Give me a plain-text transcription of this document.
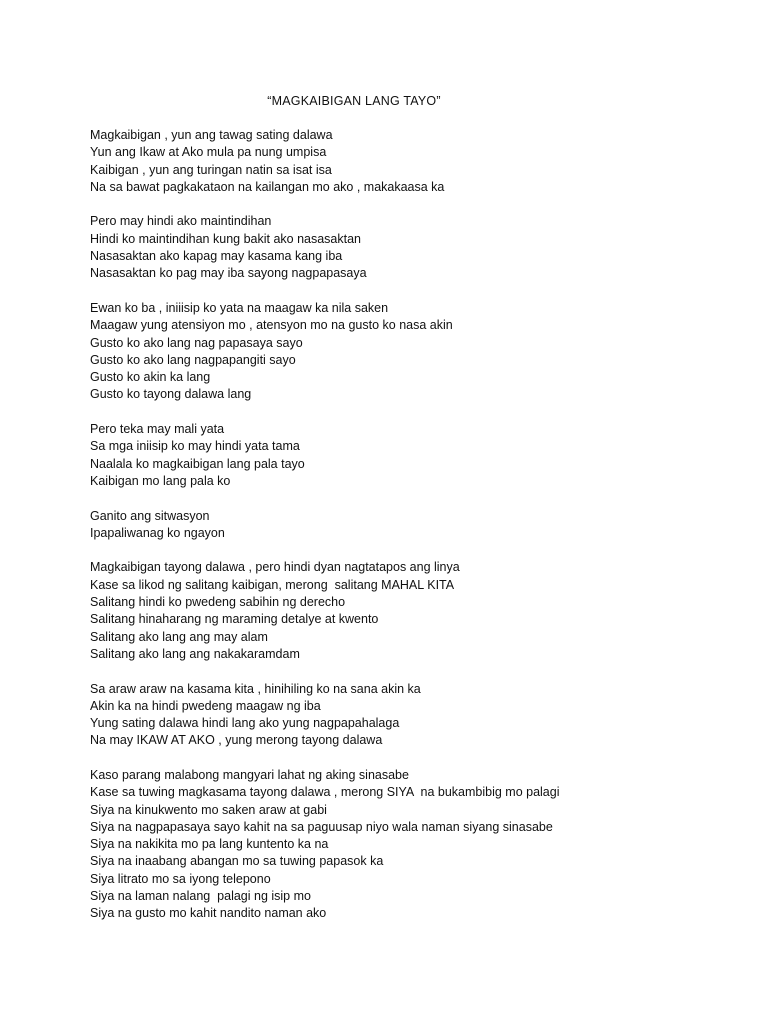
“MAGKAIBIGAN LANG TAYO”
Magkaibigan , yun ang tawag sating dalawa
Yun ang Ikaw at Ako mula pa nung umpisa
Kaibigan , yun ang turingan natin sa isat isa
Na sa bawat pagkakataon na kailangan mo ako , makakaasa ka
Pero may hindi ako maintindihan
Hindi ko maintindihan kung bakit ako nasasaktan
Nasasaktan ako kapag may kasama kang iba
Nasasaktan ko pag may iba sayong nagpapasaya
Ewan ko ba , iniiisip ko yata na maagaw ka nila saken
Maagaw yung atensiyon mo , atensyon mo na gusto ko nasa akin
Gusto ko ako lang nag papasaya sayo
Gusto ko ako lang nagpapangiti sayo
Gusto ko akin ka lang
Gusto ko tayong dalawa lang
Pero teka may mali yata
Sa mga iniisip ko may hindi yata tama
Naalala ko magkaibigan lang pala tayo
Kaibigan mo lang pala ko
Ganito ang sitwasyon
Ipapaliwanag ko ngayon
Magkaibigan tayong dalawa , pero hindi dyan nagtatapos ang linya
Kase sa likod ng salitang kaibigan, merong  salitang MAHAL KITA
Salitang hindi ko pwedeng sabihin ng derecho
Salitang hinaharang ng maraming detalye at kwento
Salitang ako lang ang may alam
Salitang ako lang ang nakakaramdam
Sa araw araw na kasama kita , hinihiling ko na sana akin ka
Akin ka na hindi pwedeng maagaw ng iba
Yung sating dalawa hindi lang ako yung nagpapahalaga
Na may IKAW AT AKO , yung merong tayong dalawa
Kaso parang malabong mangyari lahat ng aking sinasabe
Kase sa tuwing magkasama tayong dalawa , merong SIYA  na bukambibig mo palagi
Siya na kinukwento mo saken araw at gabi
Siya na nagpapasaya sayo kahit na sa paguusap niyo wala naman siyang sinasabe
Siya na nakikita mo pa lang kuntento ka na
Siya na inaabang abangan mo sa tuwing papasok ka
Siya litrato mo sa iyong telepono
Siya na laman nalang  palagi ng isip mo
Siya na gusto mo kahit nandito naman ako
